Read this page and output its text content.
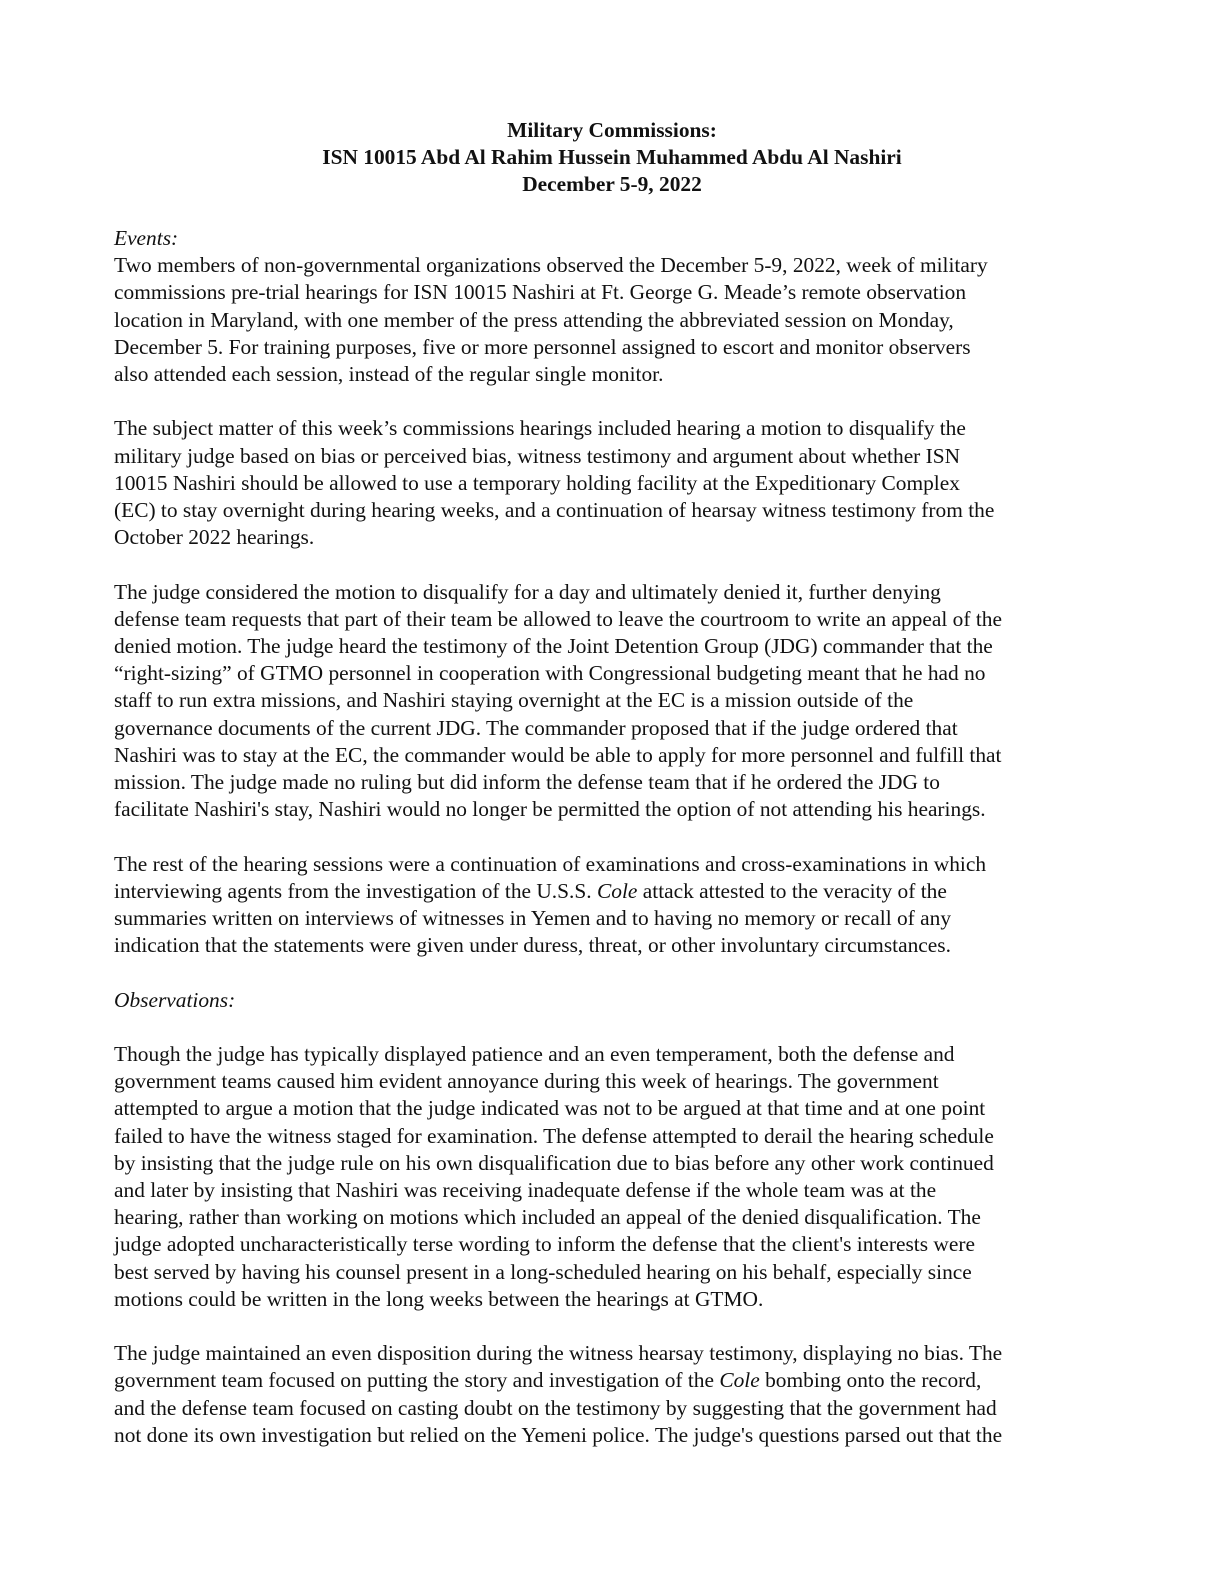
Military Commissions:
ISN 10015 Abd Al Rahim Hussein Muhammed Abdu Al Nashiri
December 5-9, 2022
Events:

Two members of non-governmental organizations observed the December 5-9, 2022, week of military
commissions pre-trial hearings for ISN 10015 Nashiri at Ft. George G. Meade’s remote observation
location in Maryland, with one member of the press attending the abbreviated session on Monday,
December 5. For training purposes, five or more personnel assigned to escort and monitor observers
also attended each session, instead of the regular single monitor.

The subject matter of this week’s commissions hearings included hearing a motion to disqualify the
military judge based on bias or perceived bias, witness testimony and argument about whether ISN
10015 Nashiri should be allowed to use a temporary holding facility at the Expeditionary Complex
(EC) to stay overnight during hearing weeks, and a continuation of hearsay witness testimony from the
October 2022 hearings.

The judge considered the motion to disqualify for a day and ultimately denied it, further denying
defense team requests that part of their team be allowed to leave the courtroom to write an appeal of the
denied motion. The judge heard the testimony of the Joint Detention Group (JDG) commander that the
“right-sizing” of GTMO personnel in cooperation with Congressional budgeting meant that he had no
staff to run extra missions, and Nashiri staying overnight at the EC is a mission outside of the
governance documents of the current JDG. The commander proposed that if the judge ordered that
Nashiri was to stay at the EC, the commander would be able to apply for more personnel and fulfill that
mission. The judge made no ruling but did inform the defense team that if he ordered the JDG to
facilitate Nashiri's stay, Nashiri would no longer be permitted the option of not attending his hearings.

The rest of the hearing sessions were a continuation of examinations and cross-examinations in which
interviewing agents from the investigation of the U.S.S. Cole attack attested to the veracity of the
summaries written on interviews of witnesses in Yemen and to having no memory or recall of any
indication that the statements were given under duress, threat, or other involuntary circumstances.

Observations:

Though the judge has typically displayed patience and an even temperament, both the defense and
government teams caused him evident annoyance during this week of hearings. The government
attempted to argue a motion that the judge indicated was not to be argued at that time and at one point
failed to have the witness staged for examination. The defense attempted to derail the hearing schedule
by insisting that the judge rule on his own disqualification due to bias before any other work continued
and later by insisting that Nashiri was receiving inadequate defense if the whole team was at the
hearing, rather than working on motions which included an appeal of the denied disqualification. The
judge adopted uncharacteristically terse wording to inform the defense that the client's interests were
best served by having his counsel present in a long-scheduled hearing on his behalf, especially since
motions could be written in the long weeks between the hearings at GTMO.

The judge maintained an even disposition during the witness hearsay testimony, displaying no bias. The
government team focused on putting the story and investigation of the Cole bombing onto the record,
and the defense team focused on casting doubt on the testimony by suggesting that the government had
not done its own investigation but relied on the Yemeni police. The judge's questions parsed out that the
